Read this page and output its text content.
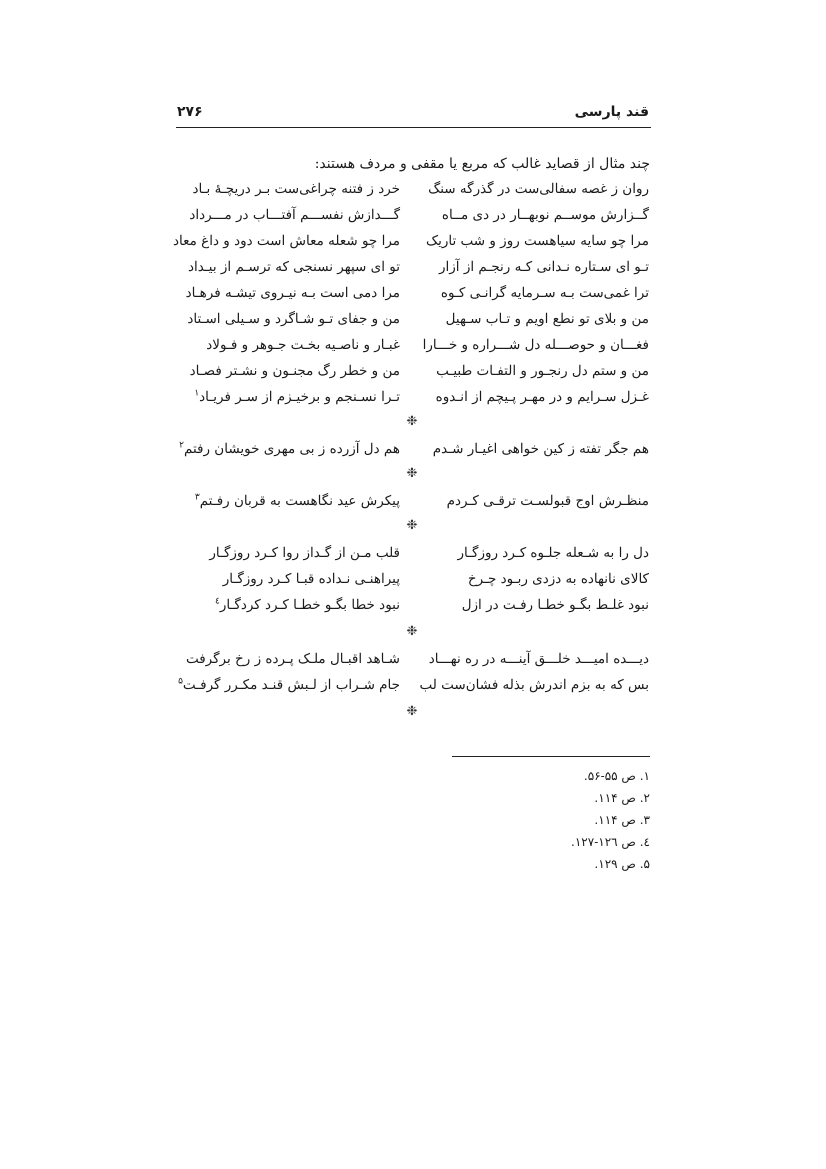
قند پارسی
۲۷۶
چند مثال از قصاید غالب که مربع یا مقفی و مردف هستند:
روان ز غصه سفالی‌ست در گذرگه سنگ
خرد ز فتنه چراغی‌ست بـر دریچـهٔ بـاد
گــزارش موســم نوبهــار در دی مــاه
گـــدازش نفســـم آفتـــاب در مـــرداد
مرا چو سایه سیاهست روز و شب تاریک
مرا چو شعله معاش است دود و داغ معاد
تـو ای سـتاره نـدانی کـه رنجـم از آزار
تو ای سپهر نسنجی که ترسـم از بیـداد
ترا غمی‌ست بـه سـرمایه گرانـی کـوه
مرا دمی است بـه نیـروی تیشـه فرهـاد
من و بلای تو نطع اویم و تـاب سـهیل
من و جفای تـو شـاگرد و سـیلی اسـتاد
فغـــان و حوصـــله دل شـــراره و خـــارا
غبـار و ناصـیه بخـت جـوهر و فـولاد
من و ستم دل رنجـور و التفـات طبیـب
من و خطر رگ مجنـون و نشـتر فصـاد
غـزل سـرایم و در مهـر پـیچم از انـدوه
تـرا نسـنجم و برخیـزم از سـر فریـاد$^۱$
❉
هم جگر تفته ز کین خواهی اغیـار شـدم
هم دل آزرده ز بی مهری خویشان رفتم$^۲$
❉
منظـرش اوج قبولسـت ترقـی کـردم
پیکرش عید نگاهست به قربان رفـتم$^۳$
❉
دل را به شـعله جلـوه کـرد روزگـار
قلب مـن از گـداز روا کـرد روزگـار
کالای نانهاده به دزدی ربـود چـرخ
پیراهنـی نـداده قبـا کـرد روزگـار
نبود غلـط بگـو خطـا رفـت در ازل
نبود خطا بگـو خطـا کـرد کردگـار$^٤$
❉
دیـــده امیـــد خلـــق آینـــه در ره نهـــاد
شـاهد اقبـال ملـک پـرده ز رخ برگرفت
بس که به بزم اندرش بذله فشان‌ست لب
جام شـراب از لـبش قنـد مکـرر گرفـت$^۵$
❉
۱. ص ۵۵-۵۶.
۲. ص ۱۱۴.
۳. ص ۱۱۴.
٤. ص ۱۲٦-۱۲۷.
۵. ص ۱۲۹.
